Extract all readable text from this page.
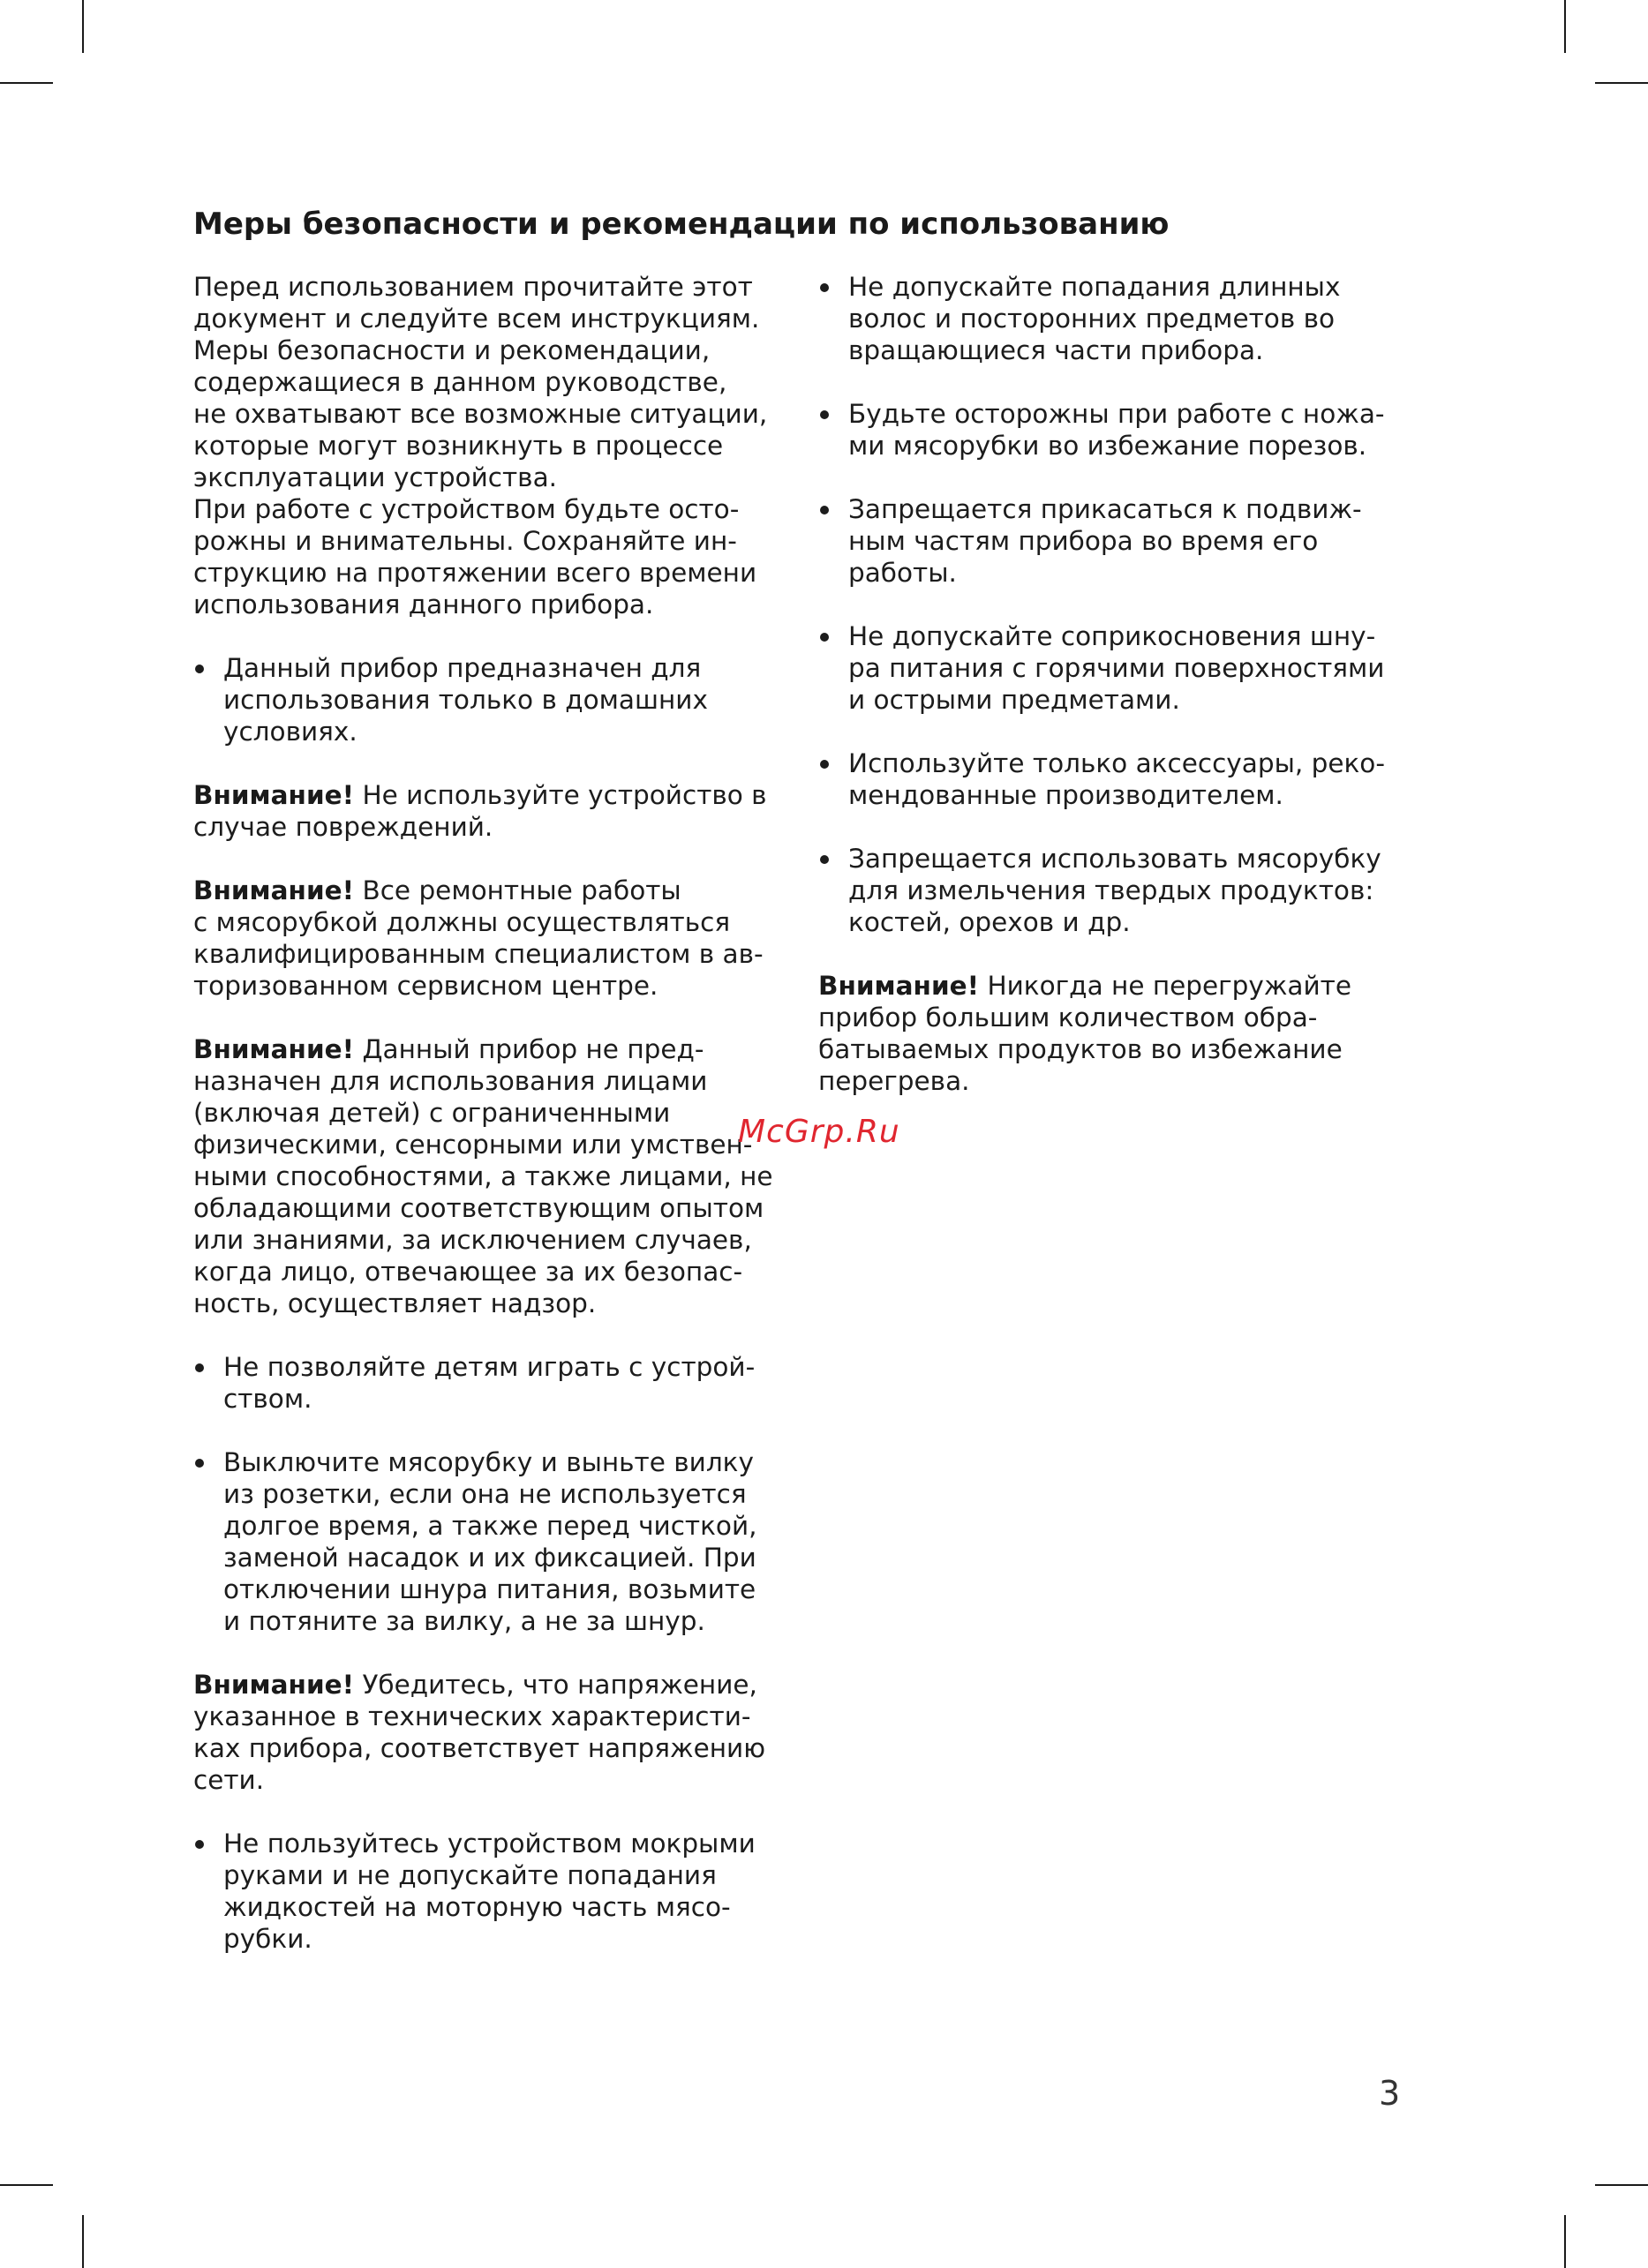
Меры безопасности и рекомендации по использованию

Перед использованием прочитайте этот
документ и следуйте всем инструкциям.
Меры безопасности и рекомендации,
содержащиеся в данном руководстве,
не охватывают все возможные ситуации,
которые могут возникнуть в процессе
эксплуатации устройства.

При работе с устройством будьте осто-
рожны и внимательны. Сохраняйте ин-
струкцию на протяжении всего времени
использования данного прибора.

Данный прибор предназначен для
использования только в домашних
условиях.

Внимание! Не используйте устройство в
случае повреждений.

Внимание! Все ремонтные работы
с мясорубкой должны осуществляться
квалифицированным специалистом в ав-
торизованном сервисном центре.

Внимание! Данный прибор не пред-
назначен для использования лицами
(включая детей) с ограниченными
физическими, сенсорными или умствен-
ными способностями, а также лицами, не
обладающими соответствующим опытом
или знаниями, за исключением случаев,
когда лицо, отвечающее за их безопас-
ность, осуществляет надзор.

Не позволяйте детям играть с устрой-
ством.
Выключите мясорубку и выньте вилку
из розетки, если она не используется
долгое время, а также перед чисткой,
заменой насадок и их фиксацией. При
отключении шнура питания, возьмите
и потяните за вилку, а не за шнур.

Внимание! Убедитесь, что напряжение,
указанное в технических характеристи-
ках прибора, соответствует напряжению
сети.

Не пользуйтесь устройством мокрыми
руками и не допускайте попадания
жидкостей на моторную часть мясо-
рубки.
Не допускайте попадания длинных
волос и посторонних предметов во
вращающиеся части прибора.
Будьте осторожны при работе с ножа-
ми мясорубки во избежание порезов.
Запрещается прикасаться к подвиж-
ным частям прибора во время его
работы.
Не допускайте соприкосновения шну-
ра питания с горячими поверхностями
и острыми предметами.
Используйте только аксессуары, реко-
мендованные производителем.
Запрещается использовать мясорубку
для измельчения твердых продуктов:
костей, орехов и др.

Внимание! Никогда не перегружайте
прибор большим количеством обра-
батываемых продуктов во избежание
перегрева.

McGrp.Ru
3
